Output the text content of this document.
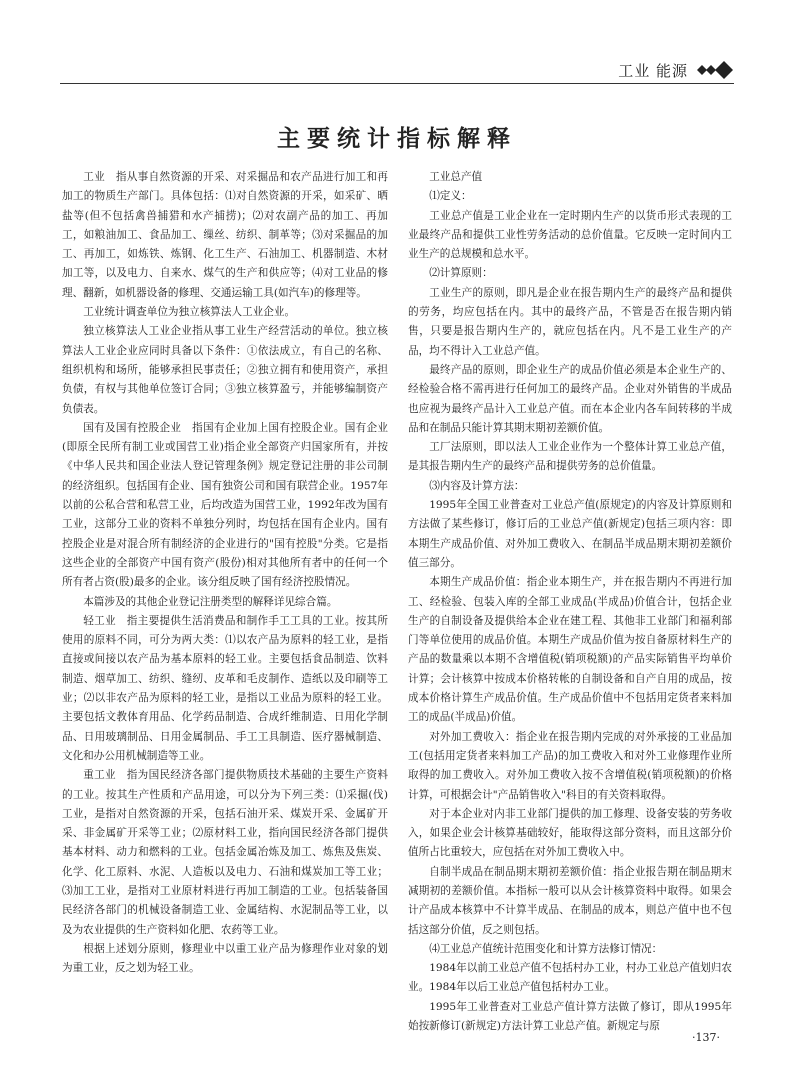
工业 能源
主要统计指标解释

工业　指从事自然资源的开采、对采掘品和农产品进行加工和再加工的物质生产部门。具体包括：⑴对自然资源的开采，如采矿、晒盐等(但不包括禽兽捕猎和水产捕捞)；⑵对农副产品的加工、再加工，如粮油加工、食品加工、缫丝、纺织、制革等；⑶对采掘品的加工、再加工，如炼铁、炼钢、化工生产、石油加工、机器制造、木材加工等，以及电力、自来水、煤气的生产和供应等；⑷对工业品的修理、翻新，如机器设备的修理、交通运输工具(如汽车)的修理等。

工业统计调查单位为独立核算法人工业企业。

独立核算法人工业企业指从事工业生产经营活动的单位。独立核算法人工业企业应同时具备以下条件：①依法成立，有自己的名称、组织机构和场所，能够承担民事责任；②独立拥有和使用资产，承担负债，有权与其他单位签订合同；③独立核算盈亏，并能够编制资产负债表。

国有及国有控股企业　指国有企业加上国有控股企业。国有企业(即原全民所有制工业或国营工业)指企业全部资产归国家所有，并按《中华人民共和国企业法人登记管理条例》规定登记注册的非公司制的经济组织。包括国有企业、国有独资公司和国有联营企业。1957年以前的公私合营和私营工业，后均改造为国营工业，1992年改为国有工业，这部分工业的资料不单独分列时，均包括在国有企业内。国有控股企业是对混合所有制经济的企业进行的"国有控股"分类。它是指这些企业的全部资产中国有资产(股份)相对其他所有者中的任何一个所有者占资(股)最多的企业。该分组反映了国有经济控股情况。

本篇涉及的其他企业登记注册类型的解释详见综合篇。

轻工业　指主要提供生活消费品和制作手工工具的工业。按其所使用的原料不同，可分为两大类：⑴以农产品为原料的轻工业，是指直接或间接以农产品为基本原料的轻工业。主要包括食品制造、饮料制造、烟草加工、纺织、缝纫、皮革和毛皮制作、造纸以及印刷等工业；⑵以非农产品为原料的轻工业，是指以工业品为原料的轻工业。主要包括文教体育用品、化学药品制造、合成纤维制造、日用化学制品、日用玻璃制品、日用金属制品、手工工具制造、医疗器械制造、文化和办公用机械制造等工业。

重工业　指为国民经济各部门提供物质技术基础的主要生产资料的工业。按其生产性质和产品用途，可以分为下列三类：⑴采掘(伐)工业，是指对自然资源的开采，包括石油开采、煤炭开采、金属矿开采、非金属矿开采等工业；⑵原材料工业，指向国民经济各部门提供基本材料、动力和燃料的工业。包括金属冶炼及加工、炼焦及焦炭、化学、化工原料、水泥、人造板以及电力、石油和煤炭加工等工业；⑶加工工业，是指对工业原材料进行再加工制造的工业。包括装备国民经济各部门的机械设备制造工业、金属结构、水泥制品等工业，以及为农业提供的生产资料如化肥、农药等工业。

根据上述划分原则，修理业中以重工业产品为修理作业对象的划为重工业，反之划为轻工业。

工业总产值

⑴定义：

工业总产值是工业企业在一定时期内生产的以货币形式表现的工业最终产品和提供工业性劳务活动的总价值量。它反映一定时间内工业生产的总规模和总水平。

⑵计算原则：

工业生产的原则，即凡是企业在报告期内生产的最终产品和提供的劳务，均应包括在内。其中的最终产品，不管是否在报告期内销售，只要是报告期内生产的，就应包括在内。凡不是工业生产的产品，均不得计入工业总产值。

最终产品的原则，即企业生产的成品价值必须是本企业生产的、经检验合格不需再进行任何加工的最终产品。企业对外销售的半成品也应视为最终产品计入工业总产值。而在本企业内各车间转移的半成品和在制品只能计算其期末期初差额价值。

工厂法原则，即以法人工业企业作为一个整体计算工业总产值，是其报告期内生产的最终产品和提供劳务的总价值量。

⑶内容及计算方法：

1995年全国工业普查对工业总产值(原规定)的内容及计算原则和方法做了某些修订，修订后的工业总产值(新规定)包括三项内容：即本期生产成品价值、对外加工费收入、在制品半成品期末期初差额价值三部分。

本期生产成品价值：指企业本期生产，并在报告期内不再进行加工、经检验、包装入库的全部工业成品(半成品)价值合计，包括企业生产的自制设备及提供给本企业在建工程、其他非工业部门和福利部门等单位使用的成品价值。本期生产成品价值为按自备原材料生产的产品的数量乘以本期不含增值税(销项税额)的产品实际销售平均单价计算；会计核算中按成本价格转帐的自制设备和自产自用的成品，按成本价格计算生产成品价值。生产成品价值中不包括用定货者来料加工的成品(半成品)价值。

对外加工费收入：指企业在报告期内完成的对外承接的工业品加工(包括用定货者来料加工产品)的加工费收入和对外工业修理作业所取得的加工费收入。对外加工费收入按不含增值税(销项税额)的价格计算，可根据会计"产品销售收入"科目的有关资料取得。

对于本企业对内非工业部门提供的加工修理、设备安装的劳务收入，如果企业会计核算基础较好，能取得这部分资料，而且这部分价值所占比重较大，应包括在对外加工费收入中。

自制半成品在制品期末期初差额价值：指企业报告期在制品期末减期初的差额价值。本指标一般可以从会计核算资料中取得。如果会计产品成本核算中不计算半成品、在制品的成本，则总产值中也不包括这部分价值，反之则包括。

⑷工业总产值统计范围变化和计算方法修订情况：

1984年以前工业总产值不包括村办工业，村办工业总产值划归农业。1984年以后工业总产值包括村办工业。

1995年工业普查对工业总产值计算方法做了修订，即从1995年始按新修订(新规定)方法计算工业总产值。新规定与原

·137·
